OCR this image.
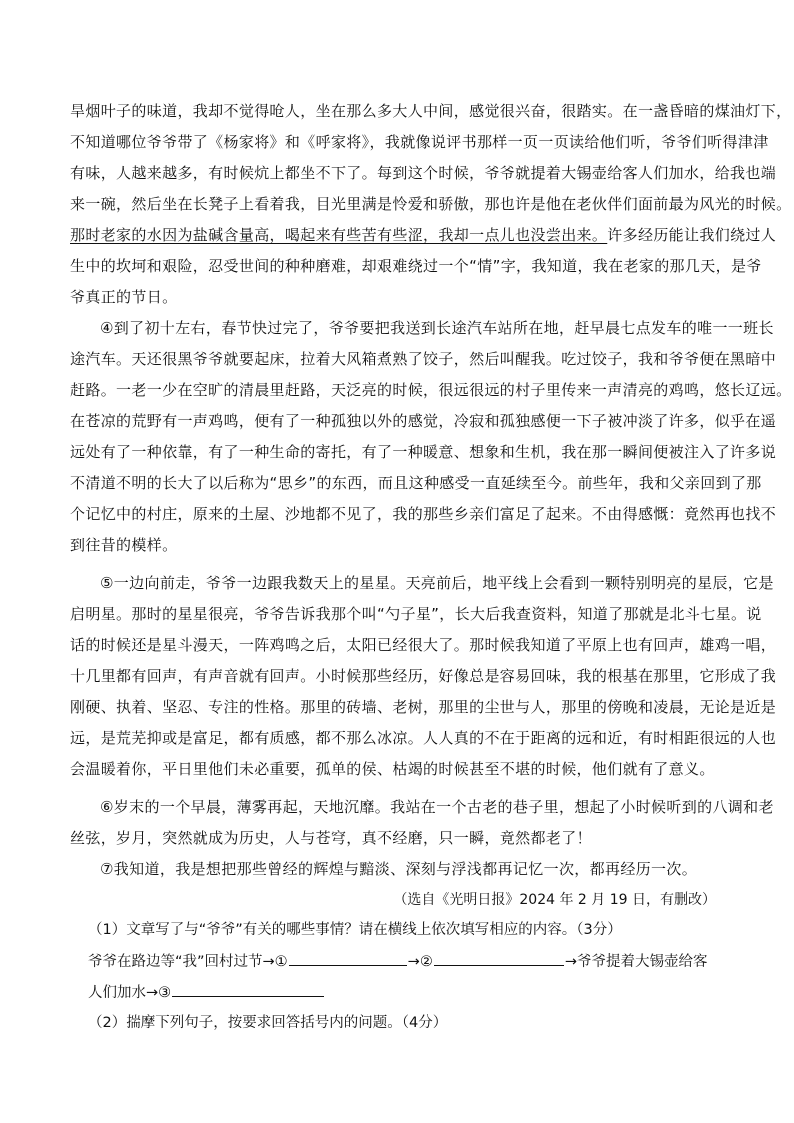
旱烟叶子的味道，我却不觉得呛人，坐在那么多大人中间，感觉很兴奋，很踏实。在一盏昏暗的煤油灯下，
不知道哪位爷爷带了《杨家将》和《呼家将》，我就像说评书那样一页一页读给他们听，爷爷们听得津津
有味，人越来越多，有时候炕上都坐不下了。每到这个时候，爷爷就提着大锡壶给客人们加水，给我也端
来一碗，然后坐在长凳子上看着我，目光里满是怜爱和骄傲，那也许是他在老伙伴们面前最为风光的时候。
那时老家的水因为盐碱含量高，喝起来有些苦有些涩，我却一点儿也没尝出来。许多经历能让我们绕过人
生中的坎坷和艰险，忍受世间的种种磨难，却艰难绕过一个“情”字，我知道，我在老家的那几天，是爷
爷真正的节日。
④到了初十左右，春节快过完了，爷爷要把我送到长途汽车站所在地，赶早晨七点发车的唯一一班长
途汽车。天还很黑爷爷就要起床，拉着大风箱煮熟了饺子，然后叫醒我。吃过饺子，我和爷爷便在黑暗中
赶路。一老一少在空旷的清晨里赶路，天泛亮的时候，很远很远的村子里传来一声清亮的鸡鸣，悠长辽远。
在苍凉的荒野有一声鸡鸣，便有了一种孤独以外的感觉，冷寂和孤独感便一下子被冲淡了许多，似乎在遥
远处有了一种依靠，有了一种生命的寄托，有了一种暖意、想象和生机，我在那一瞬间便被注入了许多说
不清道不明的长大了以后称为“思乡”的东西，而且这种感受一直延续至今。前些年，我和父亲回到了那
个记忆中的村庄，原来的土屋、沙地都不见了，我的那些乡亲们富足了起来。不由得感慨：竟然再也找不
到往昔的模样。
⑤一边向前走，爷爷一边跟我数天上的星星。天亮前后，地平线上会看到一颗特别明亮的星辰，它是
启明星。那时的星星很亮，爷爷告诉我那个叫“勺子星”，长大后我查资料，知道了那就是北斗七星。说
话的时候还是星斗漫天，一阵鸡鸣之后，太阳已经很大了。那时候我知道了平原上也有回声，雄鸡一唱，
十几里都有回声，有声音就有回声。小时候那些经历，好像总是容易回味，我的根基在那里，它形成了我
刚硬、执着、坚忍、专注的性格。那里的砖墙、老树，那里的尘世与人，那里的傍晚和凌晨，无论是近是
远，是荒芜抑或是富足，都有质感，都不那么冰凉。人人真的不在于距离的远和近，有时相距很远的人也
会温暖着你，平日里他们未必重要，孤单的侯、枯竭的时候甚至不堪的时候，他们就有了意义。
⑥岁末的一个早晨，薄雾再起，天地沉靡。我站在一个古老的巷子里，想起了小时候听到的八调和老
丝弦，岁月，突然就成为历史，人与苍穹，真不经磨，只一瞬，竟然都老了！
⑦我知道，我是想把那些曾经的辉煌与黯淡、深刻与浮浅都再记忆一次，都再经历一次。
（选自《光明日报》2024 年 2 月 19 日，有删改）
（1）文章写了与“爷爷”有关的哪些事情？请在横线上依次填写相应的内容。（3分）
爷爷在路边等“我”回村过节→①	→②	→爷爷提着大锡壶给客
人们加水→③
（2）揣摩下列句子，按要求回答括号内的问题。（4分）
